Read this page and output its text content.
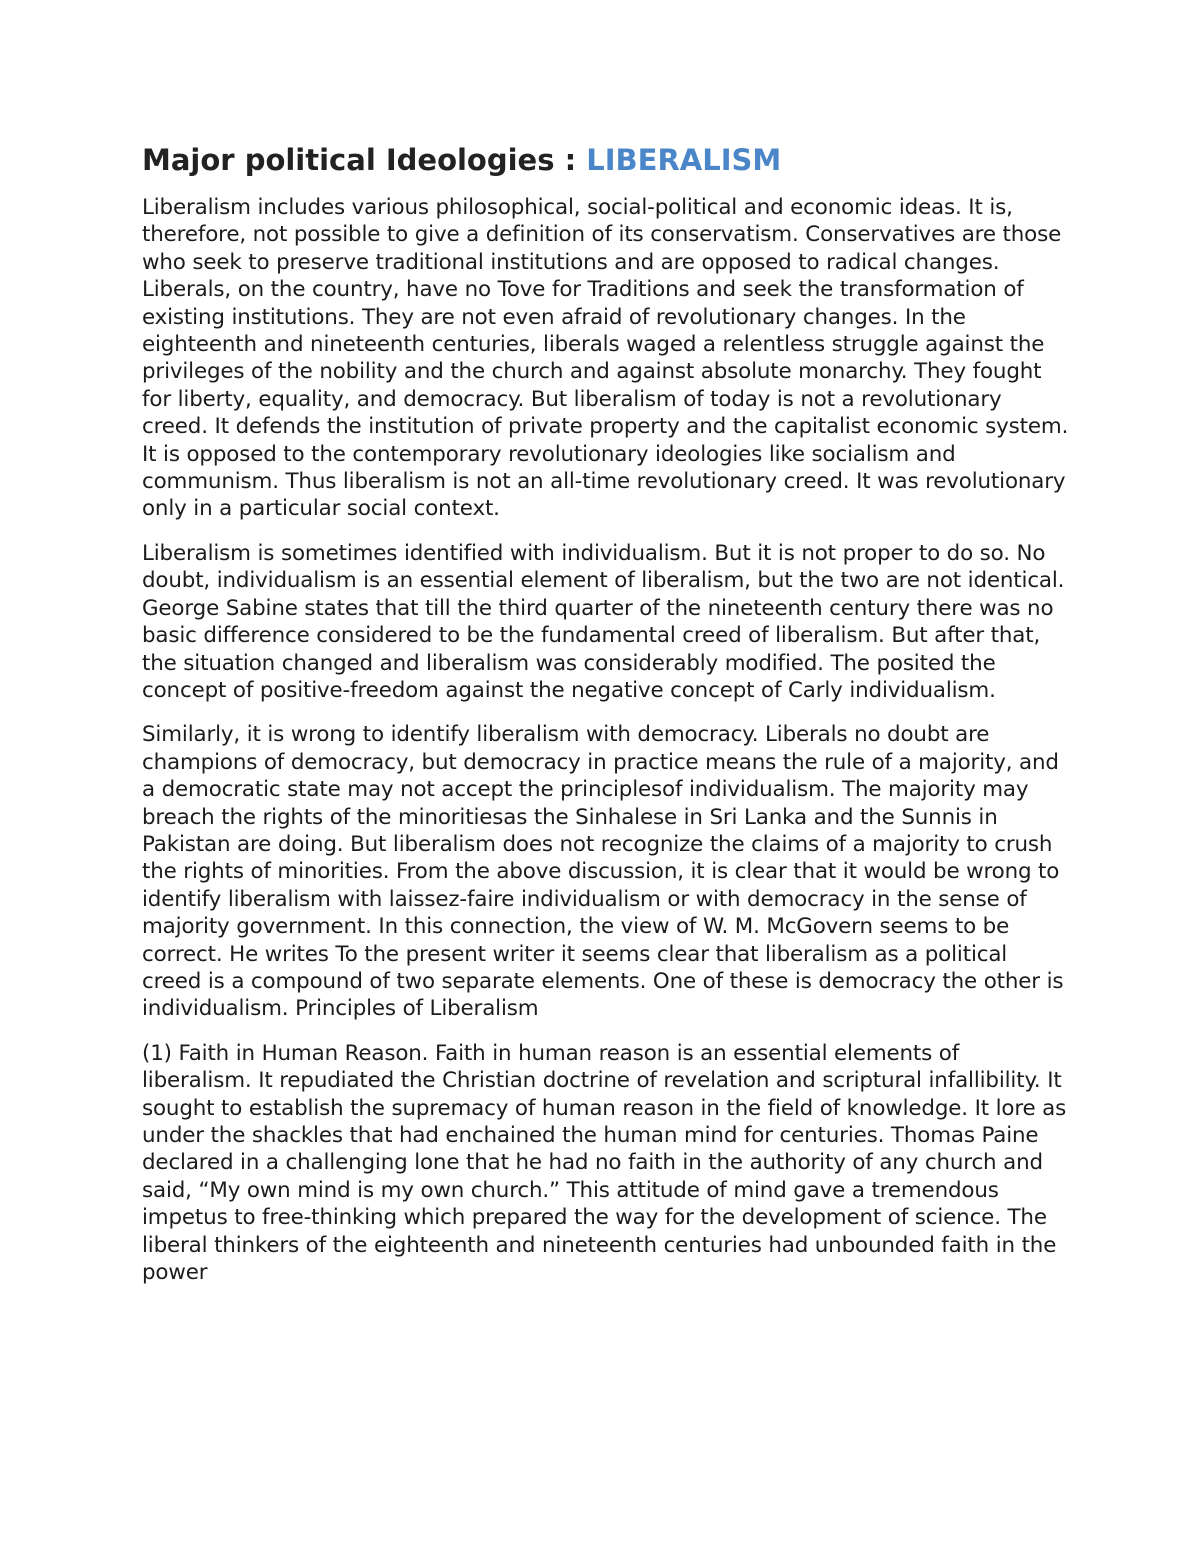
Major political Ideologies : LIBERALISM

Liberalism includes various philosophical, social-political and economic ideas. It is, therefore, not possible to give a definition of its conservatism. Conservatives are those who seek to preserve traditional institutions and are opposed to radical changes. Liberals, on the country, have no Tove for Traditions and seek the transformation of existing institutions. They are not even afraid of revolutionary changes. In the eighteenth and nineteenth centuries, liberals waged a relentless struggle against the privileges of the nobility and the church and against absolute monarchy. They fought for liberty, equality, and democracy. But liberalism of today is not a revolutionary creed. It defends the institution of private property and the capitalist economic system. It is opposed to the contemporary revolutionary ideologies like socialism and communism. Thus liberalism is not an all-time revolutionary creed. It was revolutionary only in a particular social context.

Liberalism is sometimes identified with individualism. But it is not proper to do so. No doubt, individualism is an essential element of liberalism, but the two are not identical. George Sabine states that till the third quarter of the nineteenth century there was no basic difference considered to be the fundamental creed of liberalism. But after that, the situation changed and liberalism was considerably modified. The posited the concept of positive-freedom against the negative concept of Carly individualism.

Similarly, it is wrong to identify liberalism with democracy. Liberals no doubt are champions of democracy, but democracy in practice means the rule of a majority, and a democratic state may not accept the principlesof individualism. The majority may breach the rights of the minoritiesas the Sinhalese in Sri Lanka and the Sunnis in Pakistan are doing. But liberalism does not recognize the claims of a majority to crush the rights of minorities. From the above discussion, it is clear that it would be wrong to identify liberalism with laissez-faire individualism or with democracy in the sense of majority government. In this connection, the view of W. M. McGovern seems to be correct. He writes To the present writer it seems clear that liberalism as a political creed is a compound of two separate elements. One of these is democracy the other is individualism. Principles of Liberalism

(1) Faith in Human Reason. Faith in human reason is an essential elements of liberalism. It repudiated the Christian doctrine of revelation and scriptural infallibility. It sought to establish the supremacy of human reason in the field of knowledge. It lore as under the shackles that had enchained the human mind for centuries. Thomas Paine declared in a challenging lone that he had no faith in the authority of any church and said, “My own mind is my own church.” This attitude of mind gave a tremendous impetus to free-thinking which prepared the way for the development of science. The liberal thinkers of the eighteenth and nineteenth centuries had unbounded faith in the power
